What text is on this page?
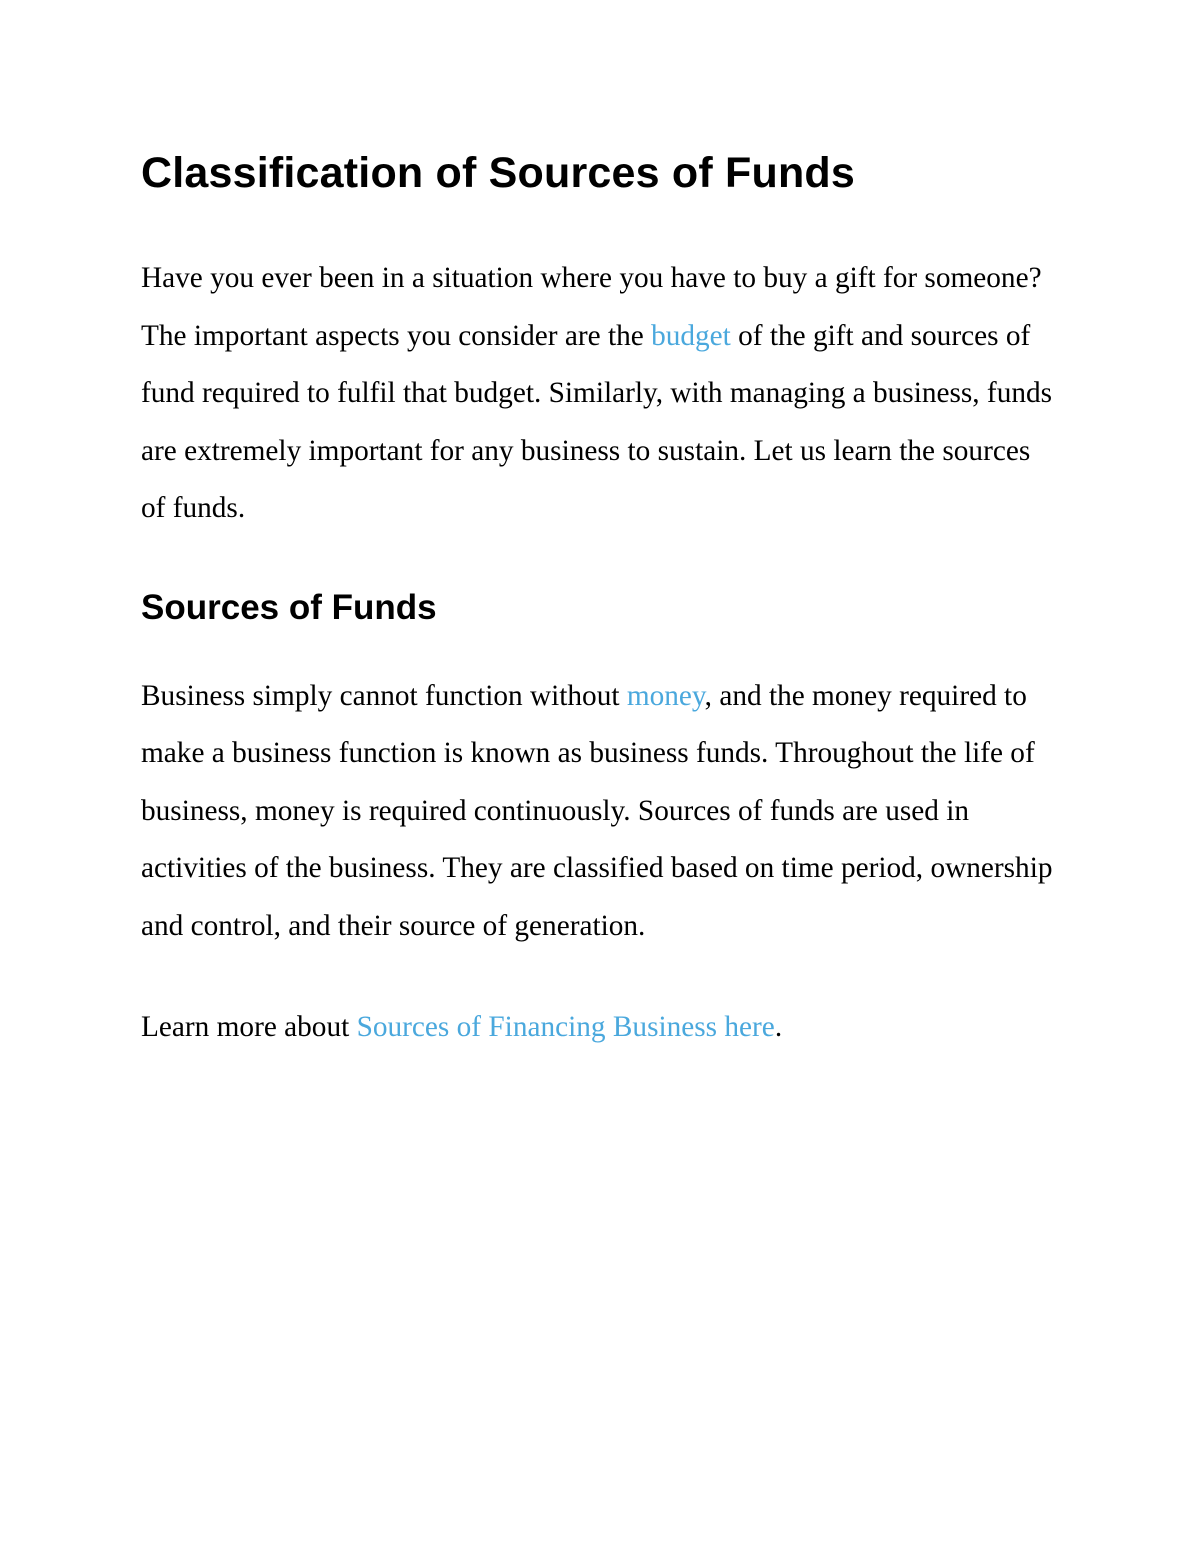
Classification of Sources of Funds

Have you ever been in a situation where you have to buy a gift for someone? The important aspects you consider are the budget of the gift and sources of fund required to fulfil that budget. Similarly, with managing a business, funds are extremely important for any business to sustain. Let us learn the sources of funds.

Sources of Funds

Business simply cannot function without money, and the money required to make a business function is known as business funds. Throughout the life of business, money is required continuously. Sources of funds are used in activities of the business. They are classified based on time period, ownership and control, and their source of generation.

Learn more about Sources of Financing Business here.
